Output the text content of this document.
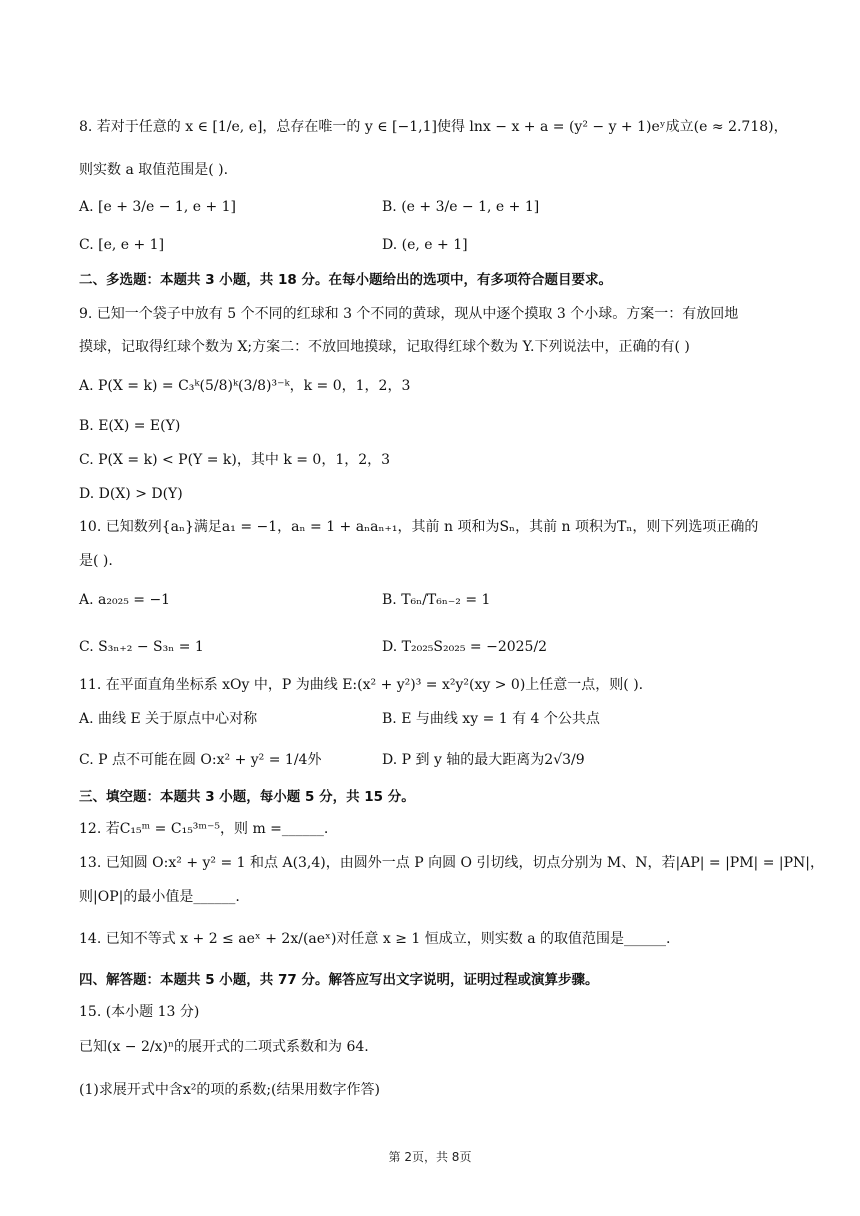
8. 若对于任意的 x ∈ [1/e, e]，总存在唯一的 y ∈ [−1,1]使得 lnx − x + a = (y² − y + 1)eʸ成立(e ≈ 2.718)，
则实数 a 取值范围是( ).
A. [e + 3/e − 1, e + 1]	B. (e + 3/e − 1, e + 1]
C. [e, e + 1]	D. (e, e + 1]
二、多选题：本题共 3 小题，共 18 分。在每小题给出的选项中，有多项符合题目要求。
9. 已知一个袋子中放有 5 个不同的红球和 3 个不同的黄球，现从中逐个摸取 3 个小球。方案一：有放回地
摸球，记取得红球个数为 X;方案二：不放回地摸球，记取得红球个数为 Y.下列说法中，正确的有( )
A. P(X = k) = C₃ᵏ(5/8)ᵏ(3/8)³⁻ᵏ，k = 0，1，2，3
B. E(X) = E(Y)
C. P(X = k) < P(Y = k)，其中 k = 0，1，2，3
D. D(X) > D(Y)
10. 已知数列{aₙ}满足a₁ = −1，aₙ = 1 + aₙaₙ₊₁，其前 n 项和为Sₙ，其前 n 项积为Tₙ，则下列选项正确的
是( ).
A. a₂₀₂₅ = −1	B. T₆ₙ/T₆ₙ₋₂ = 1
C. S₃ₙ₊₂ − S₃ₙ = 1	D. T₂₀₂₅S₂₀₂₅ = −2025/2
11. 在平面直角坐标系 xOy 中，P 为曲线 E:(x² + y²)³ = x²y²(xy > 0)上任意一点，则( ).
A. 曲线 E 关于原点中心对称	B. E 与曲线 xy = 1 有 4 个公共点
C. P 点不可能在圆 O:x² + y² = 1/4外	D. P 到 y 轴的最大距离为2√3/9
三、填空题：本题共 3 小题，每小题 5 分，共 15 分。
12. 若C₁₅ᵐ = C₁₅³ᵐ⁻⁵，则 m =______.
13. 已知圆 O:x² + y² = 1 和点 A(3,4)，由圆外一点 P 向圆 O 引切线，切点分别为 M、N，若|AP| = |PM| = |PN|，
则|OP|的最小值是______.
14. 已知不等式 x + 2 ≤ aeˣ + 2x/(aeˣ)对任意 x ≥ 1 恒成立，则实数 a 的取值范围是______.
四、解答题：本题共 5 小题，共 77 分。解答应写出文字说明，证明过程或演算步骤。
15. (本小题 13 分)
已知(x − 2/x)ⁿ的展开式的二项式系数和为 64.
(1)求展开式中含x²的项的系数;(结果用数字作答)
第 2页，共 8页
